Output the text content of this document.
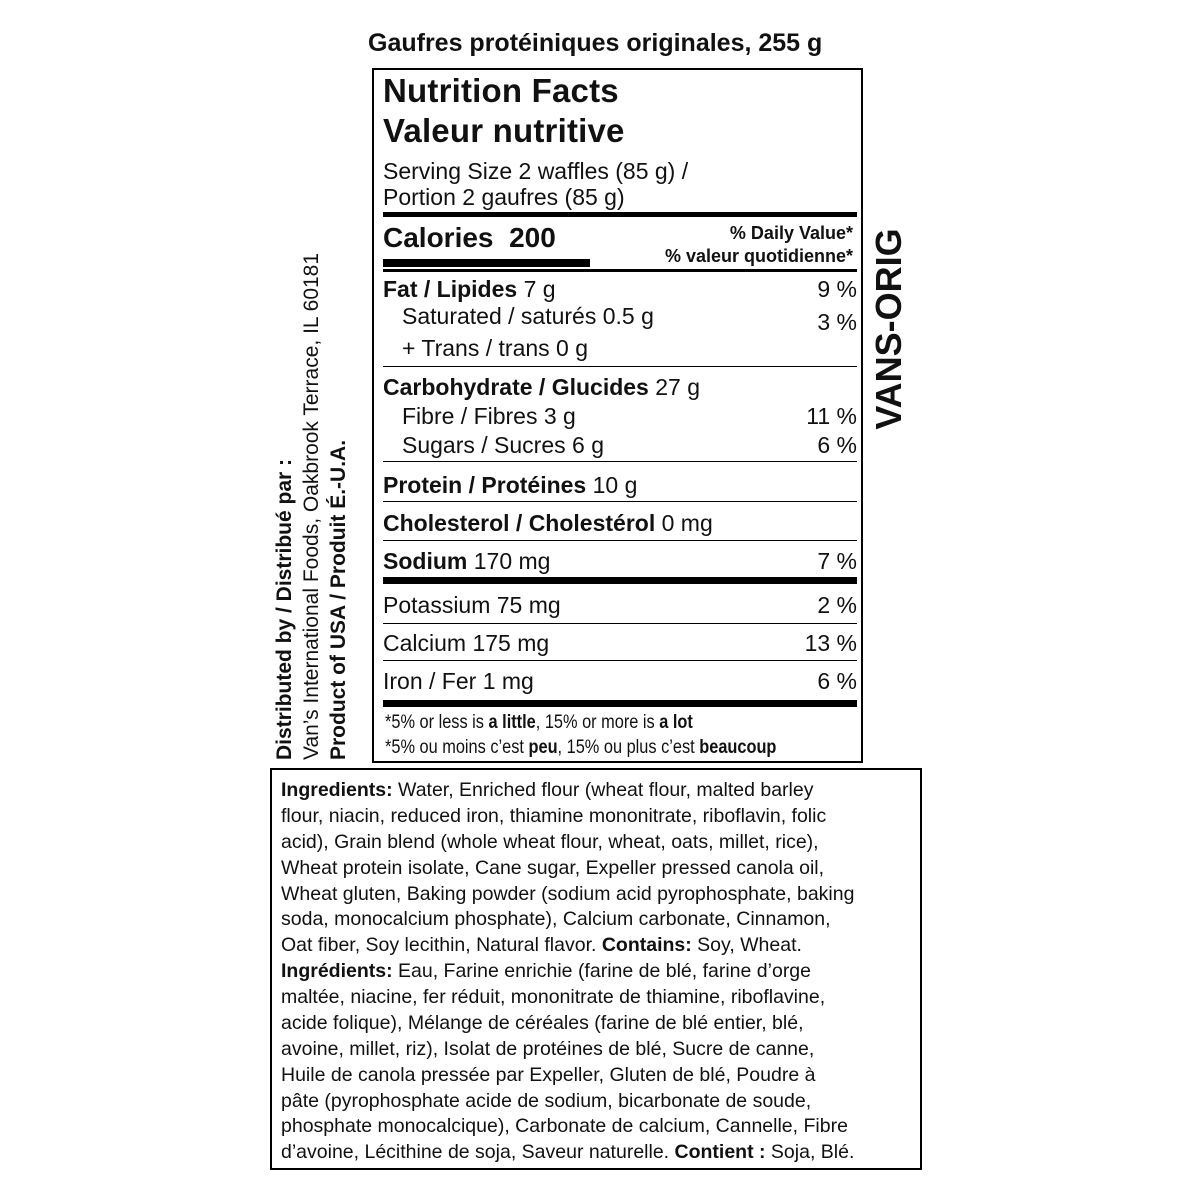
Gaufres protéiniques originales, 255 g
Nutrition Facts
Valeur nutritive
Serving Size 2 waffles (85 g) /
Portion 2 gaufres (85 g)
Calories 200	% Daily Value*
% valeur quotidienne*
Fat / Lipides 7 g	9 %
Saturated / saturés 0.5 g	3 %
+ Trans / trans 0 g
Carbohydrate / Glucides 27 g
Fibre / Fibres 3 g	11 %
Sugars / Sucres 6 g	6 %
Protein / Protéines 10 g
Cholesterol / Cholestérol 0 mg
Sodium 170 mg	7 %
Potassium 75 mg	2 %
Calcium 175 mg	13 %
Iron / Fer 1 mg	6 %
*5% or less is a little, 15% or more is a lot
*5% ou moins c’est peu, 15% ou plus c’est beaucoup
VANS-ORIG
Distributed by / Distribué par : Van’s International Foods, Oakbrook Terrace, IL 60181 Product of USA / Produit É.-U.A.
Ingredients: Water, Enriched flour (wheat flour, malted barley
flour, niacin, reduced iron, thiamine mononitrate, riboflavin, folic
acid), Grain blend (whole wheat flour, wheat, oats, millet, rice),
Wheat protein isolate, Cane sugar, Expeller pressed canola oil,
Wheat gluten, Baking powder (sodium acid pyrophosphate, baking
soda, monocalcium phosphate), Calcium carbonate, Cinnamon,
Oat fiber, Soy lecithin, Natural flavor. Contains: Soy, Wheat.
Ingrédients: Eau, Farine enrichie (farine de blé, farine d’orge
maltée, niacine, fer réduit, mononitrate de thiamine, riboflavine,
acide folique), Mélange de céréales (farine de blé entier, blé,
avoine, millet, riz), Isolat de protéines de blé, Sucre de canne,
Huile de canola pressée par Expeller, Gluten de blé, Poudre à
pâte (pyrophosphate acide de sodium, bicarbonate de soude,
phosphate monocalcique), Carbonate de calcium, Cannelle, Fibre
d’avoine, Lécithine de soja, Saveur naturelle. Contient : Soja, Blé.
